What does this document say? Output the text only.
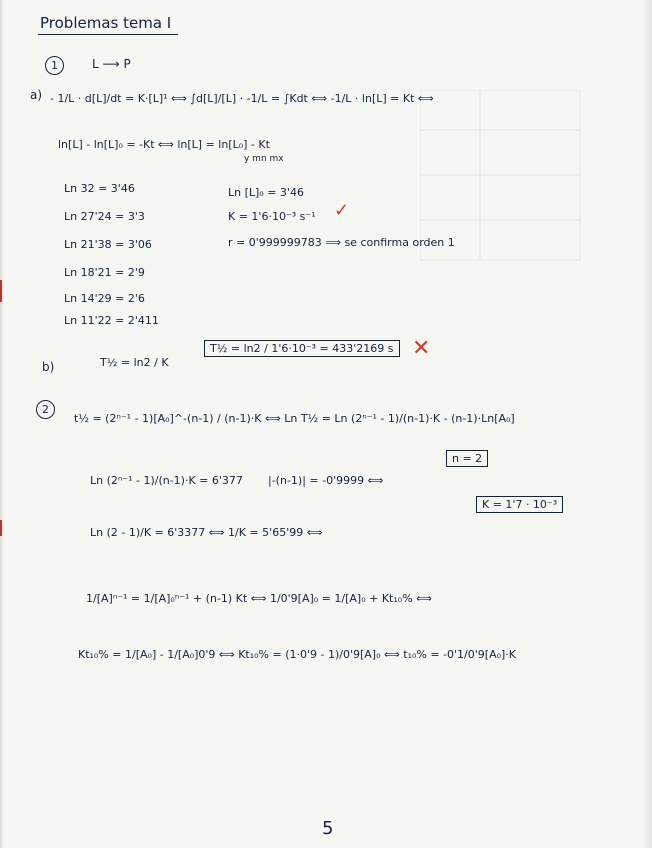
Problemas tema I
1	L ⟶ P
a) - 1/L · d[L]/dt = K·[L]¹ ⟺ ∫d[L]/[L] · -1/L = ∫Kdt ⟺ -1/L · ln[L] = Kt ⟺
ln[L] - ln[L]₀ = -Kt ⟺ ln[L] = ln[L₀] - Kt
y mn mx
Ln 32 = 3'46
Ln 27'24 = 3'3
Ln 21'38 = 3'06
Ln 18'21 = 2'9
Ln 14'29 = 2'6
Ln 11'22 = 2'411
Ln [L]₀ = 3'46
K = 1'6·10⁻³ s⁻¹ ✓
r = 0'999999783 ⟹ se confirma orden 1
b)	T½ = ln2 / K
T½ = ln2 / 1'6·10⁻³ = 433'2169 s ✕
2
t½ = (2ⁿ⁻¹ - 1)[A₀]^-(n-1) / (n-1)·K ⟺ Ln T½ = Ln (2ⁿ⁻¹ - 1)/(n-1)·K - (n-1)·Ln[A₀]
Ln (2ⁿ⁻¹ - 1)/(n-1)·K = 6'377 |-(n-1)| = -0'9999 ⟺
n = 2
Ln (2 - 1)/K = 6'3377 ⟺ 1/K = 5'65'99 ⟺
K = 1'7 · 10⁻³
1/[A]ⁿ⁻¹ = 1/[A]₀ⁿ⁻¹ + (n-1) Kt ⟺ 1/0'9[A]₀ = 1/[A]₀ + Kt₁₀% ⟺
Kt₁₀% = 1/[A₀] - 1/[A₀]0'9 ⟺ Kt₁₀% = (1·0'9 - 1)/0'9[A]₀ ⟺ t₁₀% = -0'1/0'9[A₀]·K
5
